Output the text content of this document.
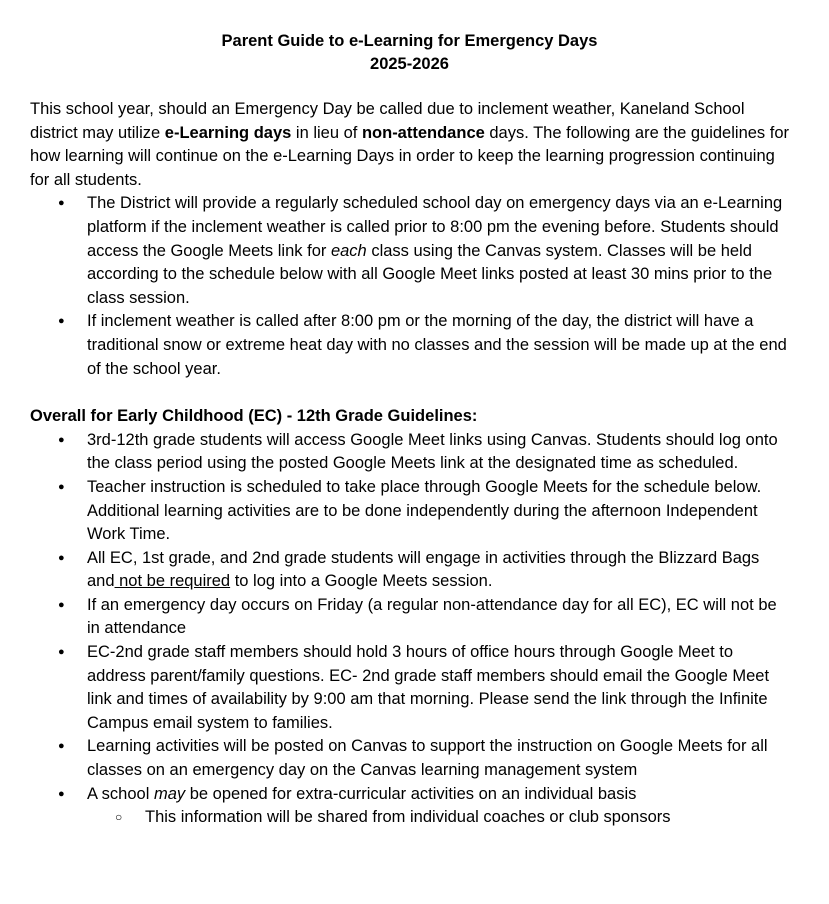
Parent Guide to e-Learning for Emergency Days
2025-2026

This school year, should an Emergency Day be called due to inclement weather, Kaneland School district may utilize e-Learning days in lieu of non-attendance days. The following are the guidelines for how learning will continue on the e-Learning Days in order to keep the learning progression continuing for all students.

● The District will provide a regularly scheduled school day on emergency days via an e-Learning platform if the inclement weather is called prior to 8:00 pm the evening before. Students should access the Google Meets link for each class using the Canvas system. Classes will be held according to the schedule below with all Google Meet links posted at least 30 mins prior to the class session.
● If inclement weather is called after 8:00 pm or the morning of the day, the district will have a traditional snow or extreme heat day with no classes and the session will be made up at the end of the school year.

Overall for Early Childhood (EC) - 12th Grade Guidelines:

● 3rd-12th grade students will access Google Meet links using Canvas. Students should log onto the class period using the posted Google Meets link at the designated time as scheduled.
● Teacher instruction is scheduled to take place through Google Meets for the schedule below. Additional learning activities are to be done independently during the afternoon Independent Work Time.
● All EC, 1st grade, and 2nd grade students will engage in activities through the Blizzard Bags and not be required to log into a Google Meets session.
● If an emergency day occurs on Friday (a regular non-attendance day for all EC), EC will not be in attendance
● EC-2nd grade staff members should hold 3 hours of office hours through Google Meet to address parent/family questions. EC- 2nd grade staff members should email the Google Meet link and times of availability by 9:00 am that morning. Please send the link through the Infinite Campus email system to families.
● Learning activities will be posted on Canvas to support the instruction on Google Meets for all classes on an emergency day on the Canvas learning management system
● A school may be opened for extra-curricular activities on an individual basis
○ This information will be shared from individual coaches or club sponsors
